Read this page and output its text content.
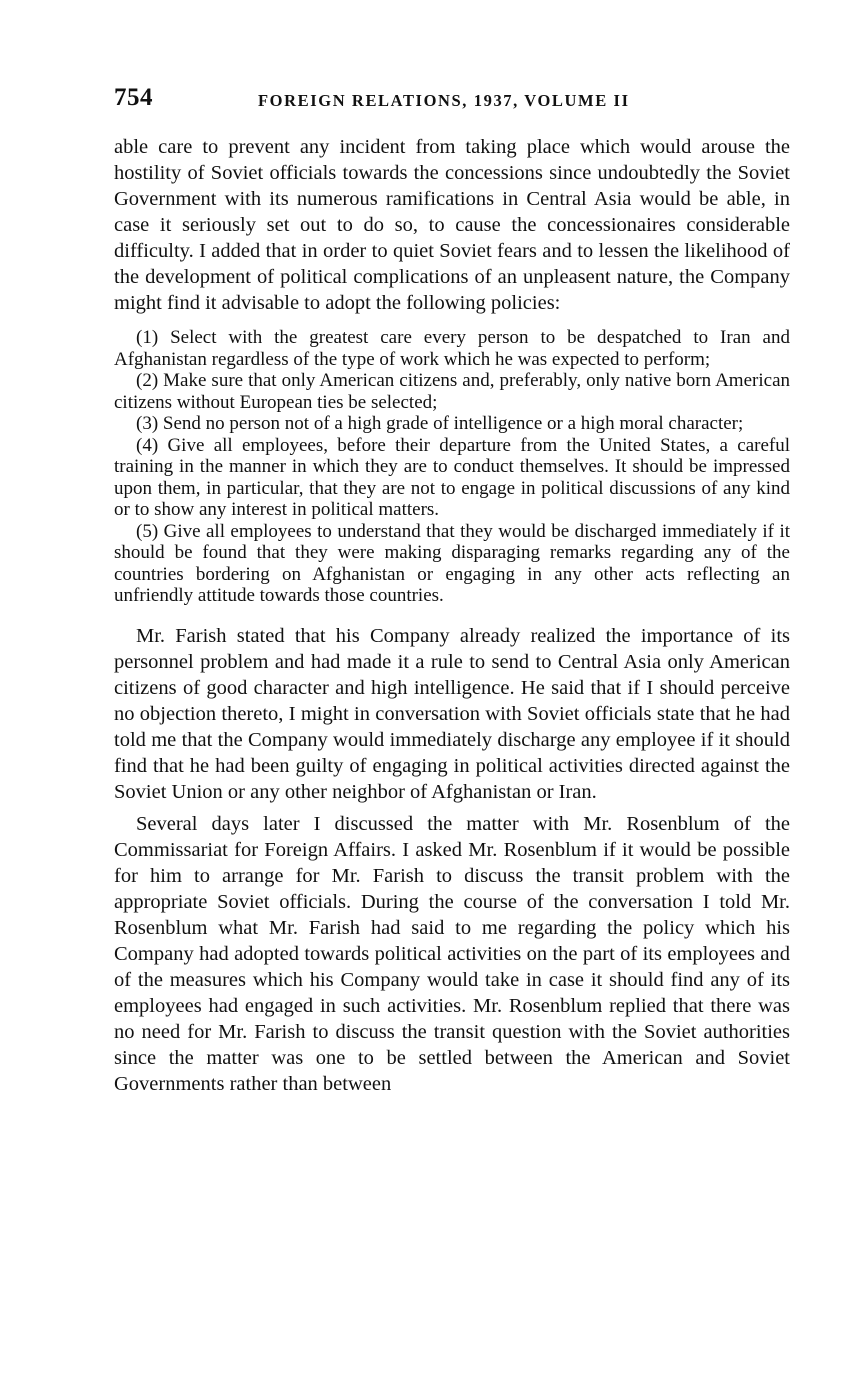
754	FOREIGN RELATIONS, 1937, VOLUME II

able care to prevent any incident from taking place which would arouse the hostility of Soviet officials towards the concessions since undoubtedly the Soviet Government with its numerous ramifications in Central Asia would be able, in case it seriously set out to do so, to cause the concessionaires considerable difficulty. I added that in order to quiet Soviet fears and to lessen the likelihood of the development of political complications of an unpleasent nature, the Company might find it advisable to adopt the following policies:

(1) Select with the greatest care every person to be despatched to Iran and Afghanistan regardless of the type of work which he was expected to perform;

(2) Make sure that only American citizens and, preferably, only native born American citizens without European ties be selected;

(3) Send no person not of a high grade of intelligence or a high moral character;

(4) Give all employees, before their departure from the United States, a careful training in the manner in which they are to conduct themselves. It should be impressed upon them, in particular, that they are not to engage in political discussions of any kind or to show any interest in political matters.

(5) Give all employees to understand that they would be discharged immediately if it should be found that they were making disparaging remarks regarding any of the countries bordering on Afghanistan or engaging in any other acts reflecting an unfriendly attitude towards those countries.

Mr. Farish stated that his Company already realized the importance of its personnel problem and had made it a rule to send to Central Asia only American citizens of good character and high intelligence. He said that if I should perceive no objection thereto, I might in conversation with Soviet officials state that he had told me that the Company would immediately discharge any employee if it should find that he had been guilty of engaging in political activities directed against the Soviet Union or any other neighbor of Afghanistan or Iran.

Several days later I discussed the matter with Mr. Rosenblum of the Commissariat for Foreign Affairs. I asked Mr. Rosenblum if it would be possible for him to arrange for Mr. Farish to discuss the transit problem with the appropriate Soviet officials. During the course of the conversation I told Mr. Rosenblum what Mr. Farish had said to me regarding the policy which his Company had adopted towards political activities on the part of its employees and of the measures which his Company would take in case it should find any of its employees had engaged in such activities. Mr. Rosenblum replied that there was no need for Mr. Farish to discuss the transit question with the Soviet authorities since the matter was one to be settled between the American and Soviet Governments rather than between
